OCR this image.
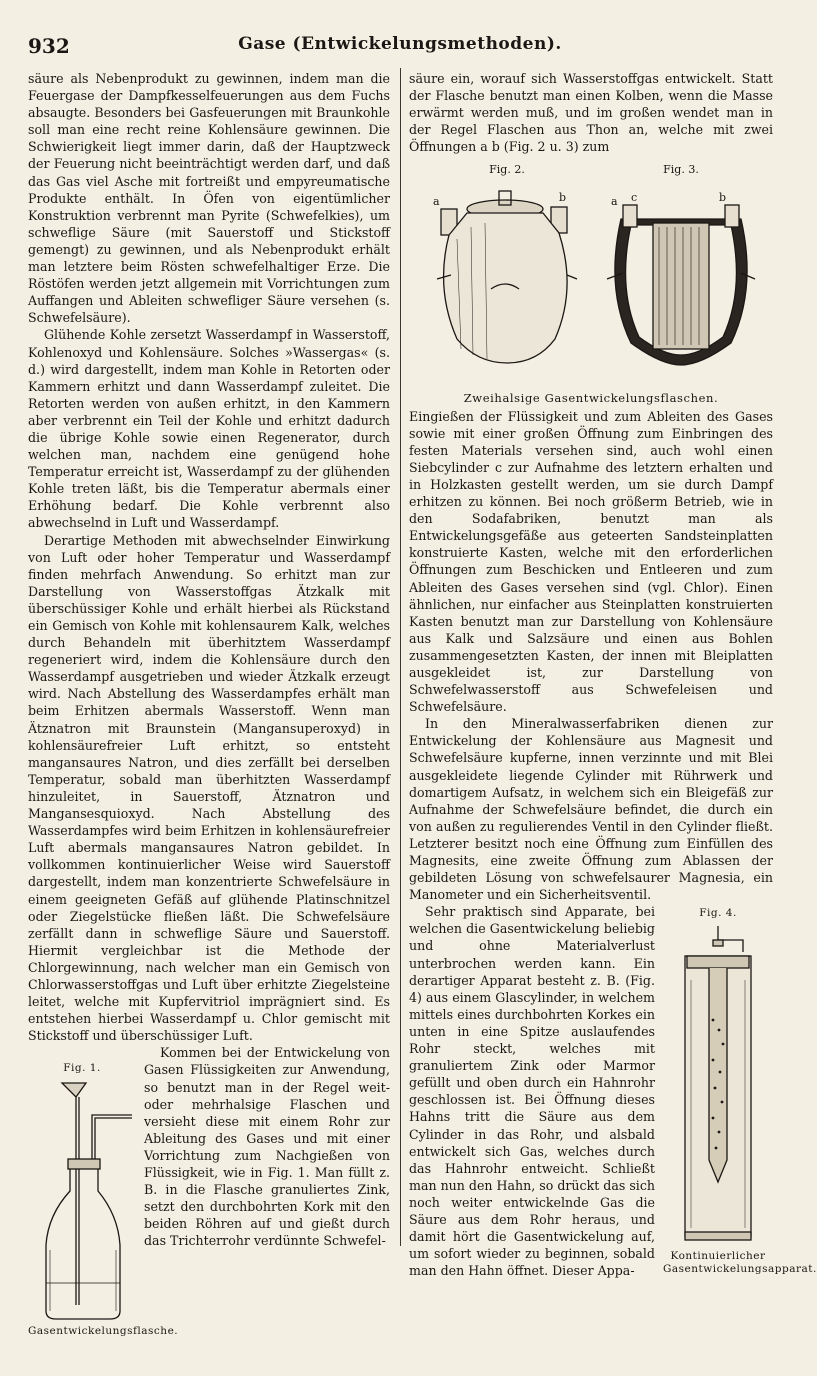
932	Gase (Entwickelungsmethoden).

säure als Nebenprodukt zu gewinnen, indem man die Feuergase der Dampfkesselfeuerungen aus dem Fuchs absaugte. Besonders bei Gasfeuerungen mit Braunkohle soll man eine recht reine Kohlensäure gewinnen. Die Schwierigkeit liegt immer darin, daß der Hauptzweck der Feuerung nicht beeinträchtigt werden darf, und daß das Gas viel Asche mit fortreißt und empyreumatische Produkte enthält. In Öfen von eigentümlicher Konstruktion verbrennt man Pyrite (Schwefelkies), um schweflige Säure (mit Sauerstoff und Stickstoff gemengt) zu gewinnen, und als Nebenprodukt erhält man letztere beim Rösten schwefelhaltiger Erze. Die Röstöfen werden jetzt allgemein mit Vorrichtungen zum Auffangen und Ableiten schwefliger Säure versehen (s. Schwefelsäure).

Glühende Kohle zersetzt Wasserdampf in Wasserstoff, Kohlenoxyd und Kohlensäure. Solches »Wassergas« (s. d.) wird dargestellt, indem man Kohle in Retorten oder Kammern erhitzt und dann Wasserdampf zuleitet. Die Retorten werden von außen erhitzt, in den Kammern aber verbrennt ein Teil der Kohle und erhitzt dadurch die übrige Kohle sowie einen Regenerator, durch welchen man, nachdem eine genügend hohe Temperatur erreicht ist, Wasserdampf zu der glühenden Kohle treten läßt, bis die Temperatur abermals einer Erhöhung bedarf. Die Kohle verbrennt also abwechselnd in Luft und Wasserdampf.

Derartige Methoden mit abwechselnder Einwirkung von Luft oder hoher Temperatur und Wasserdampf finden mehrfach Anwendung. So erhitzt man zur Darstellung von Wasserstoffgas Ätzkalk mit überschüssiger Kohle und erhält hierbei als Rückstand ein Gemisch von Kohle mit kohlensaurem Kalk, welches durch Behandeln mit überhitztem Wasserdampf regeneriert wird, indem die Kohlensäure durch den Wasserdampf ausgetrieben und wieder Ätzkalk erzeugt wird. Nach Abstellung des Wasserdampfes erhält man beim Erhitzen abermals Wasserstoff. Wenn man Ätznatron mit Braunstein (Mangansuperoxyd) in kohlensäurefreier Luft erhitzt, so entsteht mangansaures Natron, und dies zerfällt bei derselben Temperatur, sobald man überhitzten Wasserdampf hinzuleitet, in Sauerstoff, Ätznatron und Mangansesquioxyd. Nach Abstellung des Wasserdampfes wird beim Erhitzen in kohlensäurefreier Luft abermals mangansaures Natron gebildet. In vollkommen kontinuierlicher Weise wird Sauerstoff dargestellt, indem man konzentrierte Schwefelsäure in einem geeigneten Gefäß auf glühende Platinschnitzel oder Ziegelstücke fließen läßt. Die Schwefelsäure zerfällt dann in schweflige Säure und Sauerstoff. Hiermit vergleichbar ist die Methode der Chlorgewinnung, nach welcher man ein Gemisch von Chlorwasserstoffgas und Luft über erhitzte Ziegelsteine leitet, welche mit Kupfervitriol imprägniert sind. Es entstehen hierbei Wasserdampf u. Chlor gemischt mit Stickstoff und überschüssiger Luft.

Fig. 1.
Gasentwickelungsflasche.

Kommen bei der Entwickelung von Gasen Flüssigkeiten zur Anwendung, so benutzt man in der Regel weit- oder mehrhalsige Flaschen und versieht diese mit einem Rohr zur Ableitung des Gases und mit einer Vorrichtung zum Nachgießen von Flüssigkeit, wie in Fig. 1. Man füllt z. B. in die Flasche granuliertes Zink, setzt den durchbohrten Kork mit den beiden Röhren auf und gießt durch das Trichterrohr verdünnte Schwefel-

säure ein, worauf sich Wasserstoffgas entwickelt. Statt der Flasche benutzt man einen Kolben, wenn die Masse erwärmt werden muß, und im großen wendet man in der Regel Flaschen aus Thon an, welche mit zwei Öffnungen a b (Fig. 2 u. 3) zum

Fig. 2.
a	b
Fig. 3.
a c	b

Zweihalsige Gasentwickelungsflaschen.

Eingießen der Flüssigkeit und zum Ableiten des Gases sowie mit einer großen Öffnung zum Einbringen des festen Materials versehen sind, auch wohl einen Siebcylinder c zur Aufnahme des letztern erhalten und in Holzkasten gestellt werden, um sie durch Dampf erhitzen zu können. Bei noch größerm Betrieb, wie in den Sodafabriken, benutzt man als Entwickelungsgefäße aus geteerten Sandsteinplatten konstruierte Kasten, welche mit den erforderlichen Öffnungen zum Beschicken und Entleeren und zum Ableiten des Gases versehen sind (vgl. Chlor). Einen ähnlichen, nur einfacher aus Steinplatten konstruierten Kasten benutzt man zur Darstellung von Kohlensäure aus Kalk und Salzsäure und einen aus Bohlen zusammengesetzten Kasten, der innen mit Bleiplatten ausgekleidet ist, zur Darstellung von Schwefelwasserstoff aus Schwefeleisen und Schwefelsäure.

In den Mineralwasserfabriken dienen zur Entwickelung der Kohlensäure aus Magnesit und Schwefelsäure kupferne, innen verzinnte und mit Blei ausgekleidete liegende Cylinder mit Rührwerk und domartigem Aufsatz, in welchem sich ein Bleigefäß zur Aufnahme der Schwefelsäure befindet, die durch ein von außen zu regulierendes Ventil in den Cylinder fließt. Letzterer besitzt noch eine Öffnung zum Einfüllen des Magnesits, eine zweite Öffnung zum Ablassen der gebildeten Lösung von schwefelsaurer Magnesia, ein Manometer und ein Sicherheitsventil.

Fig. 4.
Kontinuierlicher Gasentwickelungsapparat.

Sehr praktisch sind Apparate, bei welchen die Gasentwickelung beliebig und ohne Materialverlust unterbrochen werden kann. Ein derartiger Apparat besteht z. B. (Fig. 4) aus einem Glascylinder, in welchem mittels eines durchbohrten Korkes ein unten in eine Spitze auslaufendes Rohr steckt, welches mit granuliertem Zink oder Marmor gefüllt und oben durch ein Hahnrohr geschlossen ist. Bei Öffnung dieses Hahns tritt die Säure aus dem Cylinder in das Rohr, und alsbald entwickelt sich Gas, welches durch das Hahnrohr entweicht. Schließt man nun den Hahn, so drückt das sich noch weiter entwickelnde Gas die Säure aus dem Rohr heraus, und damit hört die Gasentwickelung auf, um sofort wieder zu beginnen, sobald man den Hahn öffnet. Dieser Appa-
